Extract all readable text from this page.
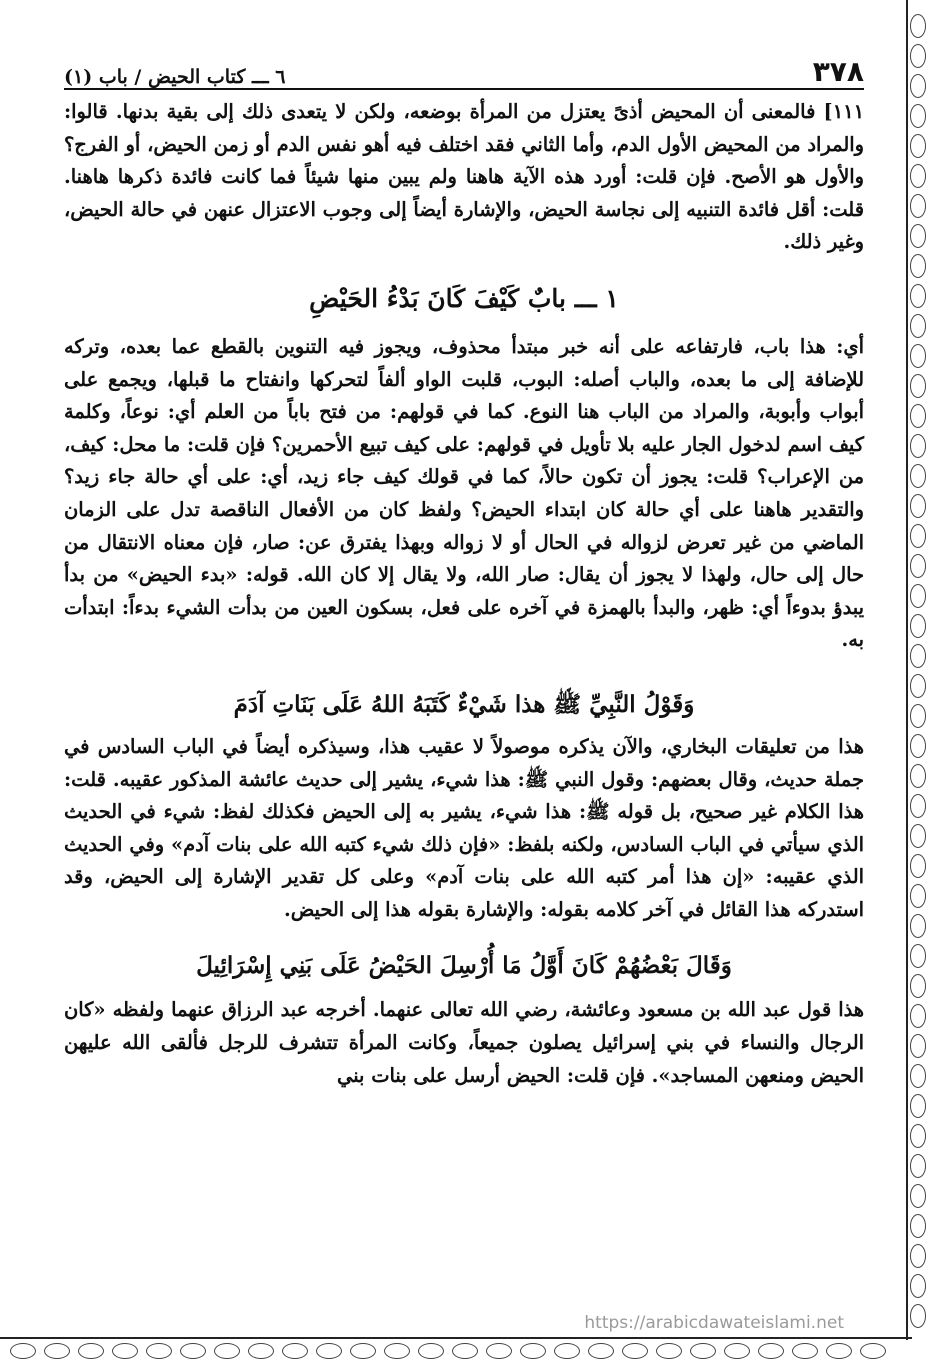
٣٧٨
٦ ـــ كتاب الحيض / باب (١)

١١١] فالمعنى أن المحيض أذىً يعتزل من المرأة بوضعه، ولكن لا يتعدى ذلك إلى بقية بدنها. قالوا: والمراد من المحيض الأول الدم، وأما الثاني فقد اختلف فيه أهو نفس الدم أو زمن الحيض، أو الفرج؟ والأول هو الأصح. فإن قلت: أورد هذه الآية هاهنا ولم يبين منها شيئاً فما كانت فائدة ذكرها هاهنا. قلت: أقل فائدة التنبيه إلى نجاسة الحيض، والإشارة أيضاً إلى وجوب الاعتزال عنهن في حالة الحيض، وغير ذلك.

١ ـــ بابٌ كَيْفَ كَانَ بَدْءُ الحَيْضِ

أي: هذا باب، فارتفاعه على أنه خبر مبتدأ محذوف، ويجوز فيه التنوين بالقطع عما بعده، وتركه للإضافة إلى ما بعده، والباب أصله: البوب، قلبت الواو ألفاً لتحركها وانفتاح ما قبلها، ويجمع على أبواب وأبوبة، والمراد من الباب هنا النوع. كما في قولهم: من فتح باباً من العلم أي: نوعاً، وكلمة كيف اسم لدخول الجار عليه بلا تأويل في قولهم: على كيف تبيع الأحمرين؟ فإن قلت: ما محل: كيف، من الإعراب؟ قلت: يجوز أن تكون حالاً، كما في قولك كيف جاء زيد، أي: على أي حالة جاء زيد؟ والتقدير هاهنا على أي حالة كان ابتداء الحيض؟ ولفظ كان من الأفعال الناقصة تدل على الزمان الماضي من غير تعرض لزواله في الحال أو لا زواله وبهذا يفترق عن: صار، فإن معناه الانتقال من حال إلى حال، ولهذا لا يجوز أن يقال: صار الله، ولا يقال إلا كان الله. قوله: «بدء الحيض» من بدأ يبدؤ بدوءاً أي: ظهر، والبدأ بالهمزة في آخره على فعل، بسكون العين من بدأت الشيء بدءاً: ابتدأت به.

وَقَوْلُ النَّبِيِّ ﷺ هذا شَيْءٌ كَتَبَهُ اللهُ عَلَى بَنَاتِ آدَمَ

هذا من تعليقات البخاري، والآن يذكره موصولاً لا عقيب هذا، وسيذكره أيضاً في الباب السادس في جملة حديث، وقال بعضهم: وقول النبي ﷺ: هذا شيء، يشير إلى حديث عائشة المذكور عقيبه. قلت: هذا الكلام غير صحيح، بل قوله ﷺ: هذا شيء، يشير به إلى الحيض فكذلك لفظ: شيء في الحديث الذي سيأتي في الباب السادس، ولكنه بلفظ: «فإن ذلك شيء كتبه الله على بنات آدم» وفي الحديث الذي عقيبه: «إن هذا أمر كتبه الله على بنات آدم» وعلى كل تقدير الإشارة إلى الحيض، وقد استدركه هذا القائل في آخر كلامه بقوله: والإشارة بقوله هذا إلى الحيض.

وَقَالَ بَعْضُهُمْ كَانَ أَوَّلُ مَا أُرْسِلَ الحَيْضُ عَلَى بَنِي إِسْرَائِيلَ

هذا قول عبد الله بن مسعود وعائشة، رضي الله تعالى عنهما. أخرجه عبد الرزاق عنهما ولفظه «كان الرجال والنساء في بني إسرائيل يصلون جميعاً، وكانت المرأة تتشرف للرجل فألقى الله عليهن الحيض ومنعهن المساجد». فإن قلت: الحيض أرسل على بنات بني

https://arabicdawateislami.net
